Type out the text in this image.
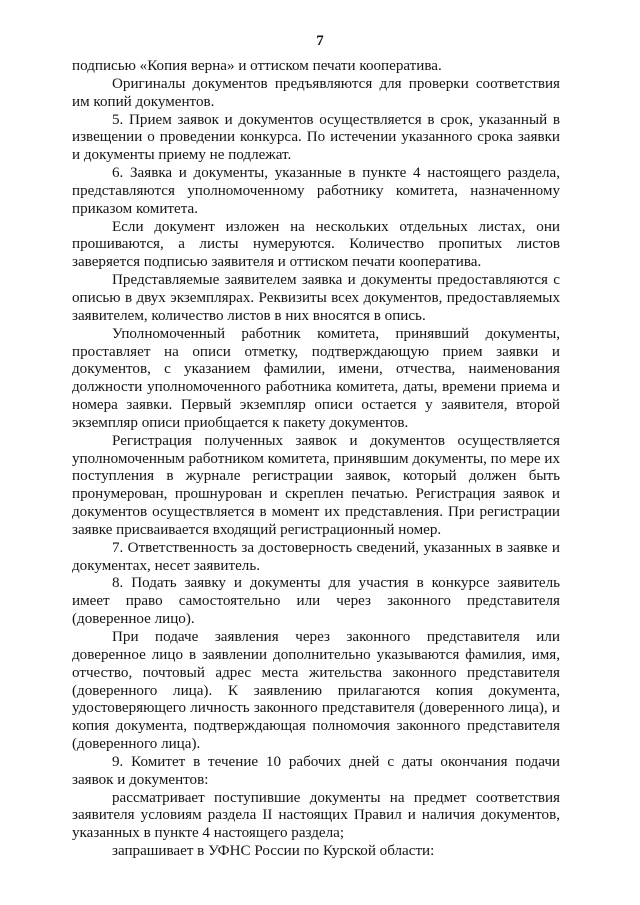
7

подписью «Копия верна» и оттиском печати кооператива.

Оригиналы документов предъявляются для проверки соответствия им копий документов.

5. Прием заявок и документов осуществляется в срок, указанный в извещении о проведении конкурса. По истечении указанного срока заявки и документы приему не подлежат.

6. Заявка и документы, указанные в пункте 4 настоящего раздела, представляются уполномоченному работнику комитета, назначенному приказом комитета.

Если документ изложен на нескольких отдельных листах, они прошиваются, а листы нумеруются. Количество пропитых листов заверяется подписью заявителя и оттиском печати кооператива.

Представляемые заявителем заявка и документы предоставляются с описью в двух экземплярах. Реквизиты всех документов, предоставляемых заявителем, количество листов в них вносятся в опись.

Уполномоченный работник комитета, принявший документы, проставляет на описи отметку, подтверждающую прием заявки и документов, с указанием фамилии, имени, отчества, наименования должности уполномоченного работника комитета, даты, времени приема и номера заявки. Первый экземпляр описи остается у заявителя, второй экземпляр описи приобщается к пакету документов.

Регистрация полученных заявок и документов осуществляется уполномоченным работником комитета, принявшим документы, по мере их поступления в журнале регистрации заявок, который должен быть пронумерован, прошнурован и скреплен печатью. Регистрация заявок и документов осуществляется в момент их представления. При регистрации заявке присваивается входящий регистрационный номер.

7. Ответственность за достоверность сведений, указанных в заявке и документах, несет заявитель.

8. Подать заявку и документы для участия в конкурсе заявитель имеет право самостоятельно или через законного представителя (доверенное лицо).

При подаче заявления через законного представителя или доверенное лицо в заявлении дополнительно указываются фамилия, имя, отчество, почтовый адрес места жительства законного представителя (доверенного лица). К заявлению прилагаются копия документа, удостоверяющего личность законного представителя (доверенного лица), и копия документа, подтверждающая полномочия законного представителя (доверенного лица).

9. Комитет в течение 10 рабочих дней с даты окончания подачи заявок и документов:

рассматривает поступившие документы на предмет соответствия заявителя условиям раздела II настоящих Правил и наличия документов, указанных в пункте 4 настоящего раздела;

запрашивает в УФНС России по Курской области:
